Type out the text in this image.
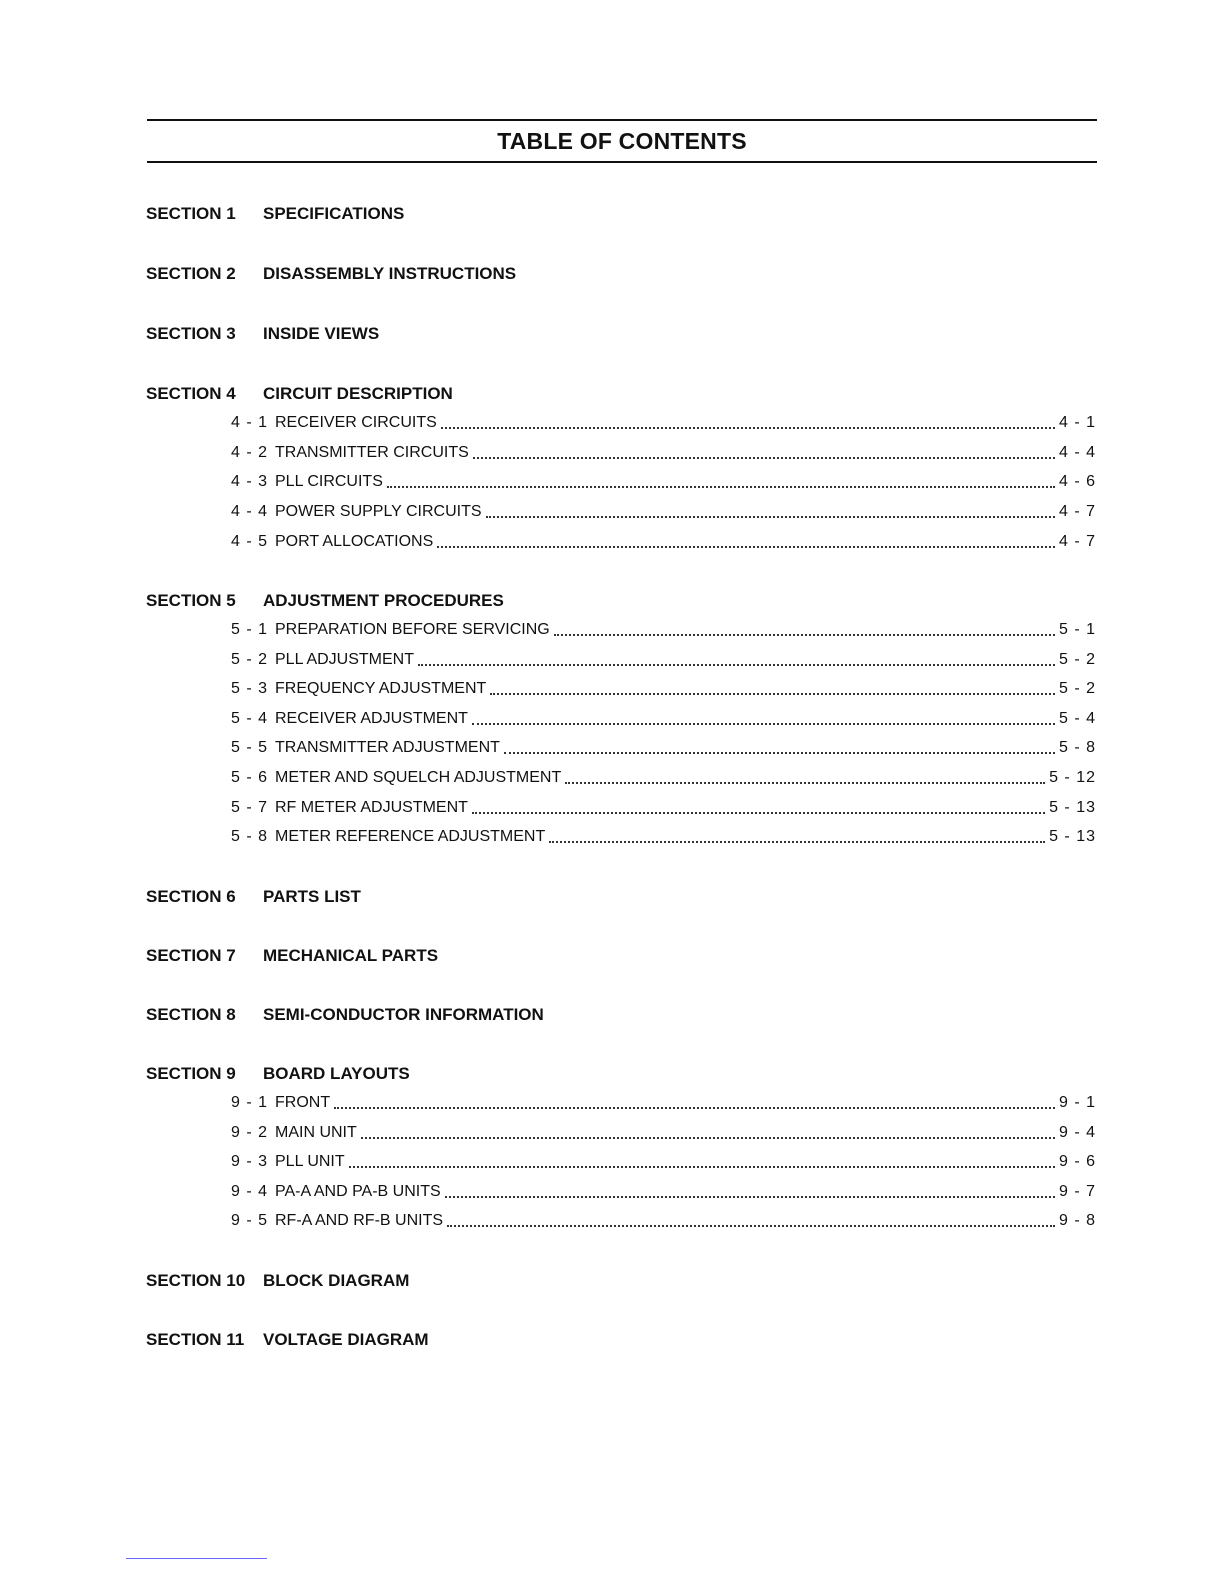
TABLE OF CONTENTS
SECTION 1 SPECIFICATIONS
SECTION 2 DISASSEMBLY INSTRUCTIONS
SECTION 3 INSIDE VIEWS
SECTION 4 CIRCUIT DESCRIPTION
4 - 1 RECEIVER CIRCUITS	4 - 1
4 - 2 TRANSMITTER CIRCUITS	4 - 4
4 - 3 PLL CIRCUITS	4 - 6
4 - 4 POWER SUPPLY CIRCUITS	4 - 7
4 - 5 PORT ALLOCATIONS	4 - 7
SECTION 5 ADJUSTMENT PROCEDURES
5 - 1 PREPARATION BEFORE SERVICING	5 - 1
5 - 2 PLL ADJUSTMENT	5 - 2
5 - 3 FREQUENCY ADJUSTMENT	5 - 2
5 - 4 RECEIVER ADJUSTMENT	5 - 4
5 - 5 TRANSMITTER ADJUSTMENT	5 - 8
5 - 6 METER AND SQUELCH ADJUSTMENT	5 - 12
5 - 7 RF METER ADJUSTMENT	5 - 13
5 - 8 METER REFERENCE ADJUSTMENT	5 - 13
SECTION 6 PARTS LIST
SECTION 7 MECHANICAL PARTS
SECTION 8 SEMI-CONDUCTOR INFORMATION
SECTION 9 BOARD LAYOUTS
9 - 1 FRONT	9 - 1
9 - 2 MAIN UNIT	9 - 4
9 - 3 PLL UNIT	9 - 6
9 - 4 PA-A AND PA-B UNITS	9 - 7
9 - 5 RF-A AND RF-B UNITS	9 - 8
SECTION 10 BLOCK DIAGRAM
SECTION 11 VOLTAGE DIAGRAM
